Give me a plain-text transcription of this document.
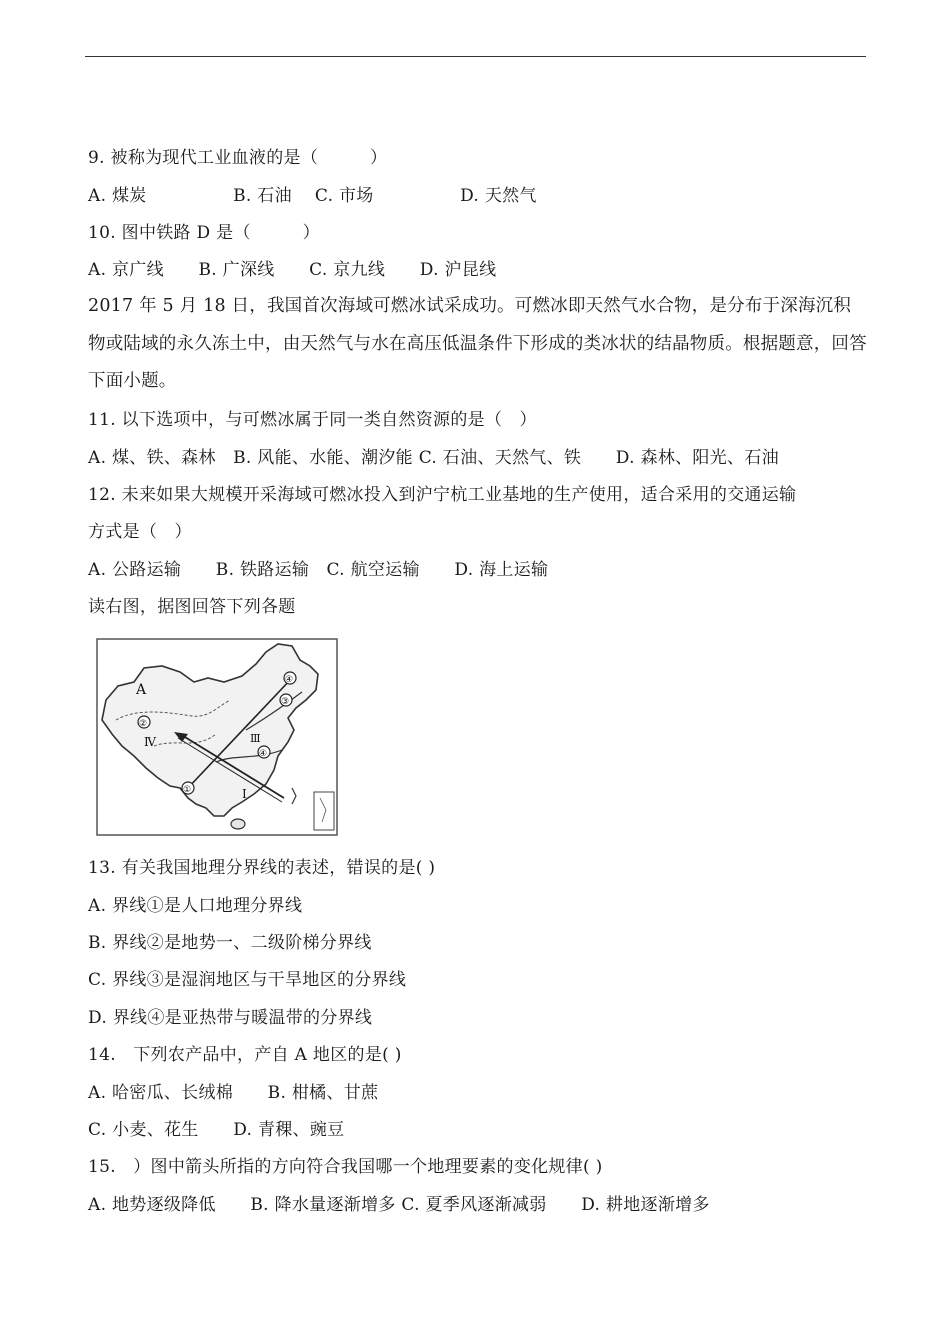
9. 被称为现代工业血液的是（　　　）
A. 煤炭　　　　　B. 石油　 C. 市场　　　　　D. 天然气
10. 图中铁路 D 是（　　　）
A. 京广线　　B. 广深线　　C. 京九线　　D. 沪昆线
2017 年 5 月 18 日，我国首次海域可燃冰试采成功。可燃冰即天然气水合物，是分布于深海沉积物或陆域的永久冻土中，由天然气与水在高压低温条件下形成的类冰状的结晶物质。根据题意，回答下面小题。
11. 以下选项中，与可燃冰属于同一类自然资源的是（　）
A. 煤、铁、森林　B. 风能、水能、潮汐能 C. 石油、天然气、铁　　D. 森林、阳光、石油
12. 未来如果大规模开采海域可燃冰投入到沪宁杭工业基地的生产使用，适合采用的交通运输
方式是（　）
A. 公路运输　　B. 铁路运输　C. 航空运输　　D. 海上运输
读右图，据图回答下列各题
A
Ⅳ	Ⅲ
Ⅰ
①
②
③
④
④
13. 有关我国地理分界线的表述，错误的是( )
A. 界线①是人口地理分界线
B. 界线②是地势一、二级阶梯分界线
C. 界线③是湿润地区与干旱地区的分界线
D. 界线④是亚热带与暖温带的分界线
14.　下列农产品中，产自 A 地区的是( )
A. 哈密瓜、长绒棉　　B. 柑橘、甘蔗
C. 小麦、花生　　D. 青稞、豌豆
15.　）图中箭头所指的方向符合我国哪一个地理要素的变化规律( )
A. 地势逐级降低　　B. 降水量逐渐增多 C. 夏季风逐渐减弱　　D. 耕地逐渐增多
